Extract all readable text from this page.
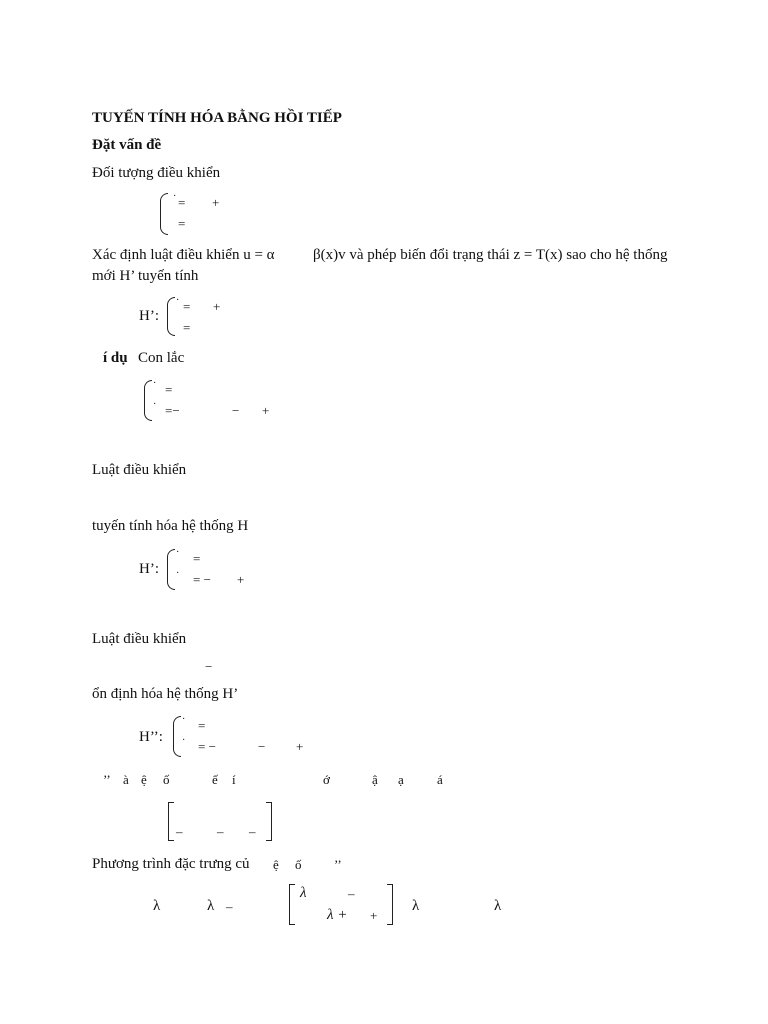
TUYẾN TÍNH HÓA BẰNG HỒI TIẾP
Đặt vấn đề
Đối tượng điều khiển
· = +
=
Xác định luật điều khiển u = α	β(x)v và phép biến đổi trạng thái z = T(x) sao cho hệ thống
mới H’ tuyến tính
H’:
· = +
=
í dụ Con lắc
·
·
=
=−	− +
Luật điều khiển
tuyến tính hóa hệ thống H
H’:
·
·
=
= − +
Luật điều khiển
−
ổn định hóa hệ thống H’
H’’:
·
·
=
= −	− +
’’ à ệ ố	ế í	ớ	ậ ạ	á
–	– –
Phương trình đặc trưng củ ệ ố	’’
λ	λ –
λ	–
λ + +
λ	λ
